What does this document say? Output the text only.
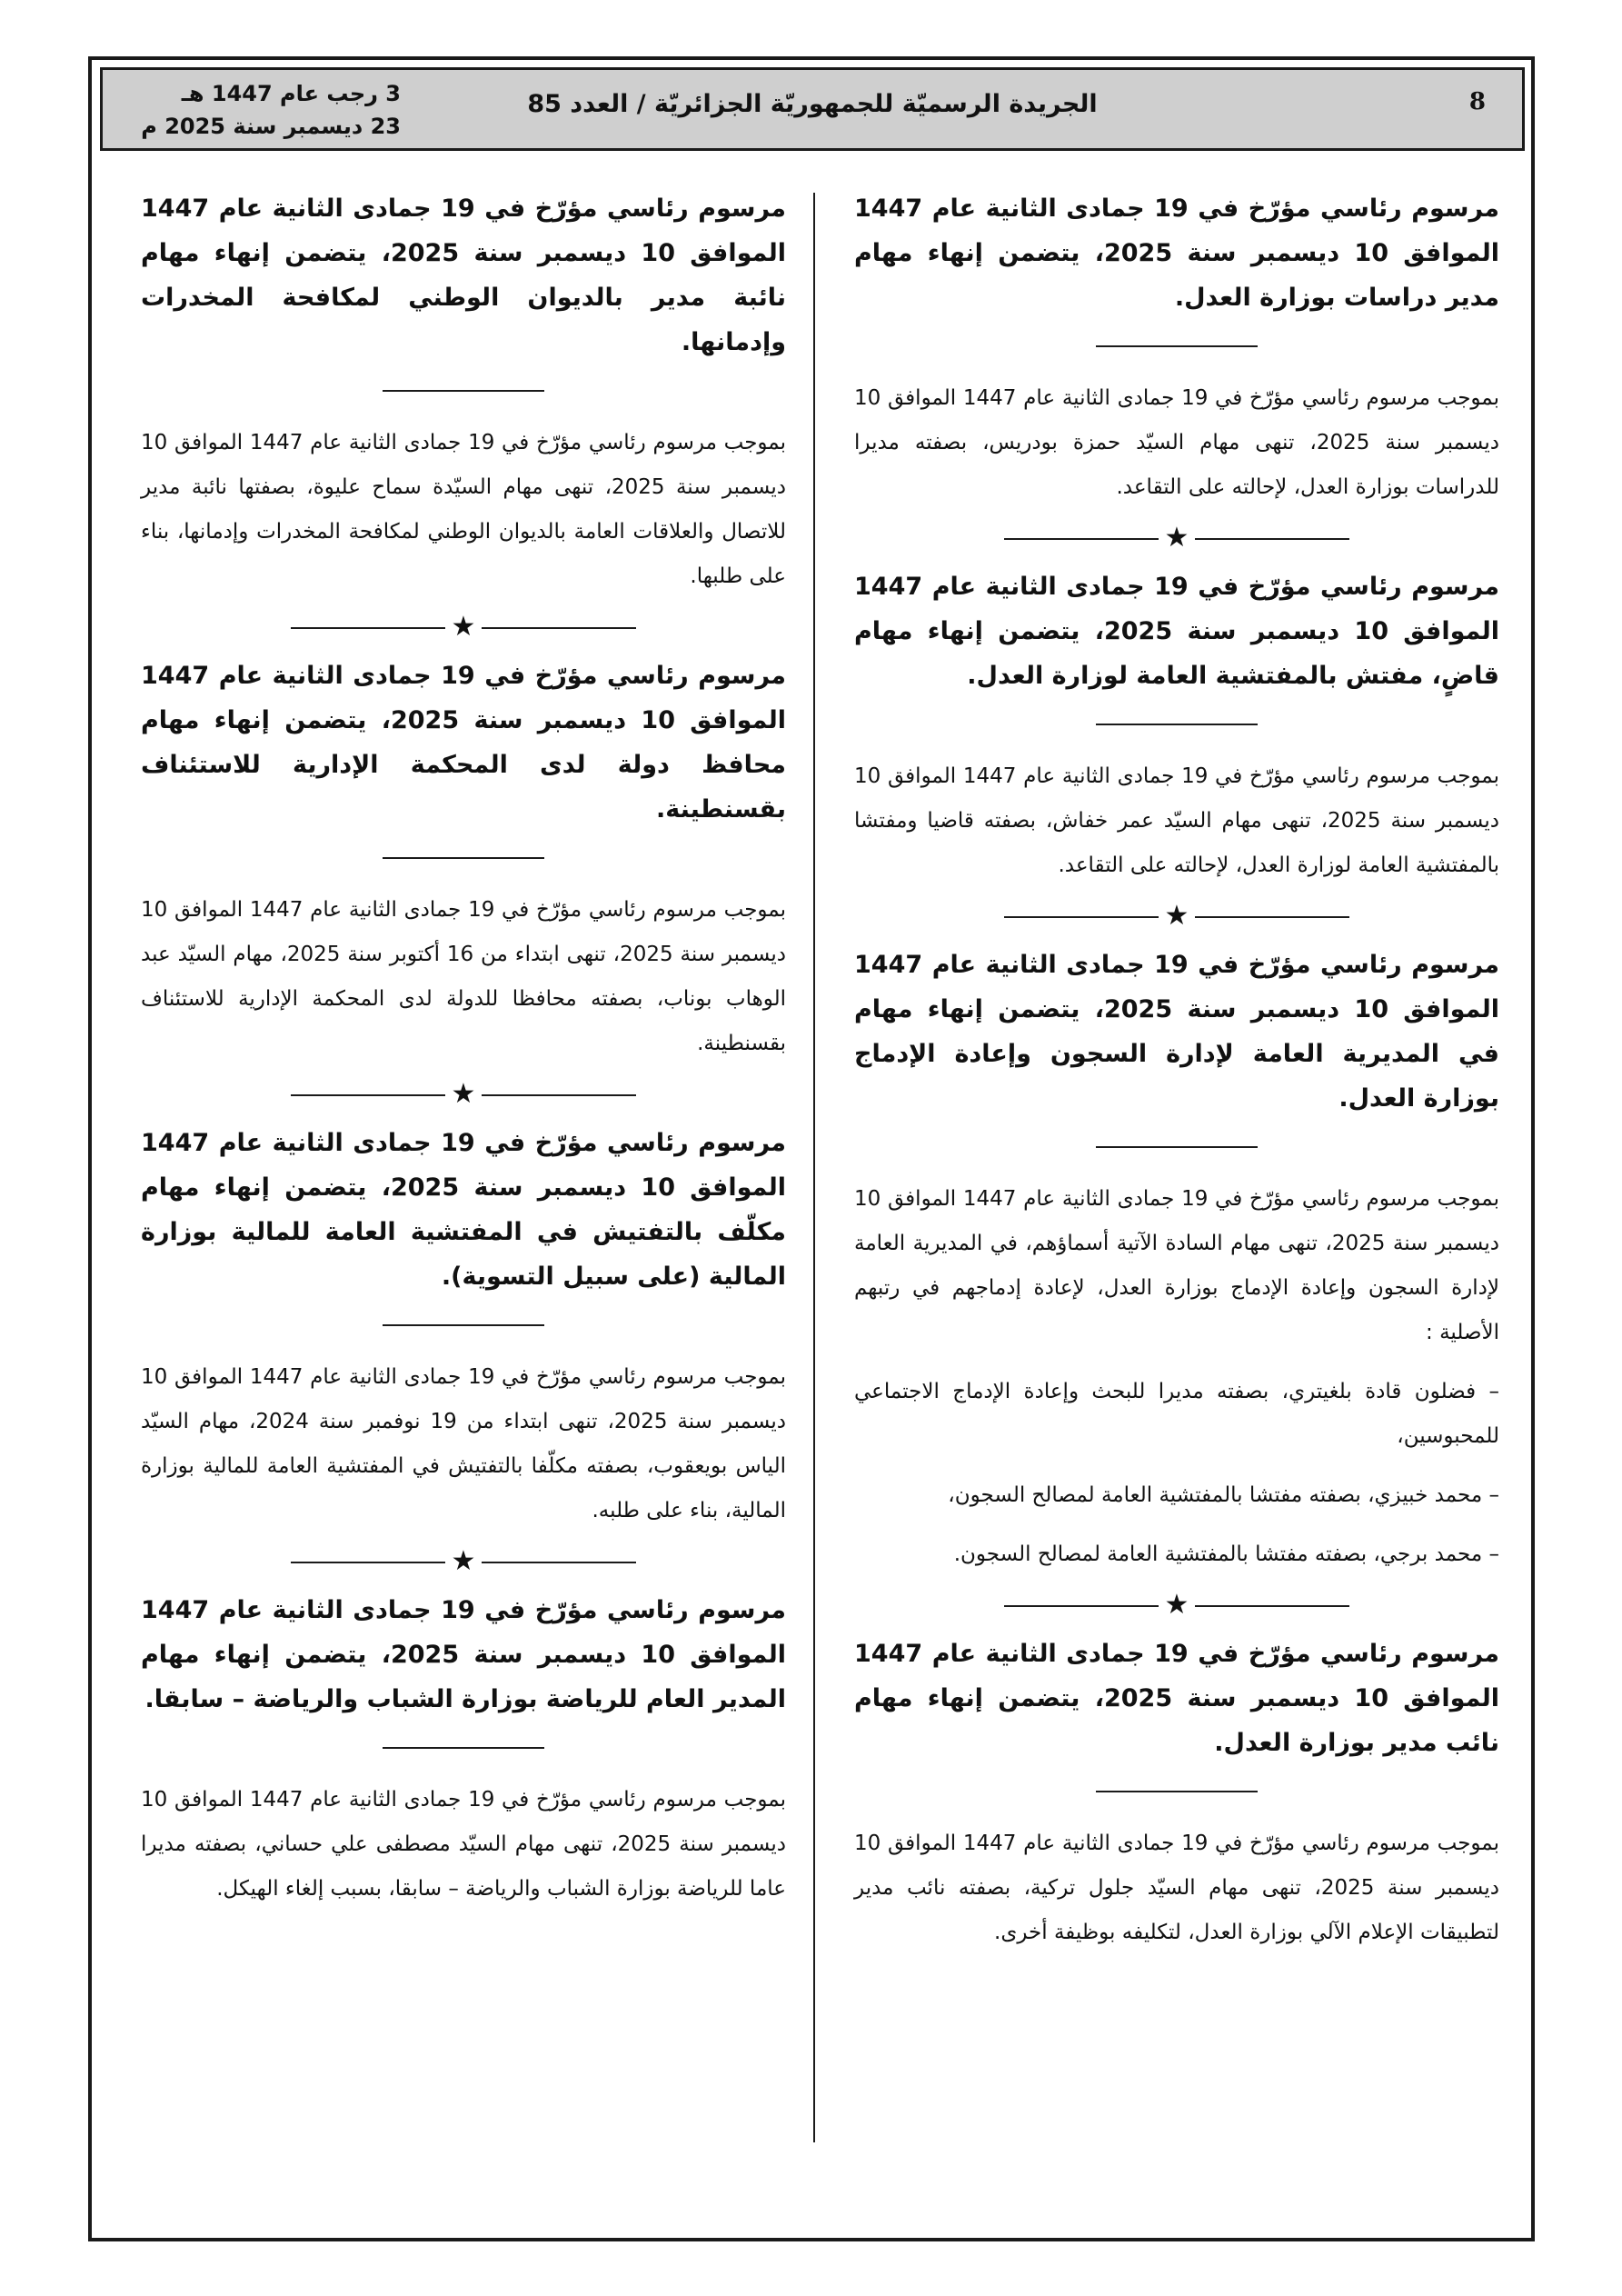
8
الجريدة الرسميّة للجمهوريّة الجزائريّة / العدد 85
3 رجب عام 1447 هـ
23 ديسمبر سنة 2025 م

مرسوم رئاسي مؤرّخ في 19 جمادى الثانية عام 1447 الموافق 10 ديسمبر سنة 2025، يتضمن إنهاء مهام مدير دراسات بوزارة العدل.

بموجب مرسوم رئاسي مؤرّخ في 19 جمادى الثانية عام 1447 الموافق 10 ديسمبر سنة 2025، تنهى مهام السيّد حمزة بودريس، بصفته مديرا للدراسات بوزارة العدل، لإحالته على التقاعد.

★

مرسوم رئاسي مؤرّخ في 19 جمادى الثانية عام 1447 الموافق 10 ديسمبر سنة 2025، يتضمن إنهاء مهام قاضٍ، مفتش بالمفتشية العامة لوزارة العدل.

بموجب مرسوم رئاسي مؤرّخ في 19 جمادى الثانية عام 1447 الموافق 10 ديسمبر سنة 2025، تنهى مهام السيّد عمر خفاش، بصفته قاضيا ومفتشا بالمفتشية العامة لوزارة العدل، لإحالته على التقاعد.

★

مرسوم رئاسي مؤرّخ في 19 جمادى الثانية عام 1447 الموافق 10 ديسمبر سنة 2025، يتضمن إنهاء مهام في المديرية العامة لإدارة السجون وإعادة الإدماج بوزارة العدل.

بموجب مرسوم رئاسي مؤرّخ في 19 جمادى الثانية عام 1447 الموافق 10 ديسمبر سنة 2025، تنهى مهام السادة الآتية أسماؤهم، في المديرية العامة لإدارة السجون وإعادة الإدماج بوزارة العدل، لإعادة إدماجهم في رتبهم الأصلية :

– فضلون قادة بلغيتري، بصفته مديرا للبحث وإعادة الإدماج الاجتماعي للمحبوسين،

– محمد خبيزي، بصفته مفتشا بالمفتشية العامة لمصالح السجون،

– محمد برجي، بصفته مفتشا بالمفتشية العامة لمصالح السجون.

★

مرسوم رئاسي مؤرّخ في 19 جمادى الثانية عام 1447 الموافق 10 ديسمبر سنة 2025، يتضمن إنهاء مهام نائب مدير بوزارة العدل.

بموجب مرسوم رئاسي مؤرّخ في 19 جمادى الثانية عام 1447 الموافق 10 ديسمبر سنة 2025، تنهى مهام السيّد جلول تركية، بصفته نائب مدير لتطبيقات الإعلام الآلي بوزارة العدل، لتكليفه بوظيفة أخرى.

مرسوم رئاسي مؤرّخ في 19 جمادى الثانية عام 1447 الموافق 10 ديسمبر سنة 2025، يتضمن إنهاء مهام نائبة مدير بالديوان الوطني لمكافحة المخدرات وإدمانها.

بموجب مرسوم رئاسي مؤرّخ في 19 جمادى الثانية عام 1447 الموافق 10 ديسمبر سنة 2025، تنهى مهام السيّدة سماح عليوة، بصفتها نائبة مدير للاتصال والعلاقات العامة بالديوان الوطني لمكافحة المخدرات وإدمانها، بناء على طلبها.

★

مرسوم رئاسي مؤرّخ في 19 جمادى الثانية عام 1447 الموافق 10 ديسمبر سنة 2025، يتضمن إنهاء مهام محافظ دولة لدى المحكمة الإدارية للاستئناف بقسنطينة.

بموجب مرسوم رئاسي مؤرّخ في 19 جمادى الثانية عام 1447 الموافق 10 ديسمبر سنة 2025، تنهى ابتداء من 16 أكتوبر سنة 2025، مهام السيّد عبد الوهاب بوناب، بصفته محافظا للدولة لدى المحكمة الإدارية للاستئناف بقسنطينة.

★

مرسوم رئاسي مؤرّخ في 19 جمادى الثانية عام 1447 الموافق 10 ديسمبر سنة 2025، يتضمن إنهاء مهام مكلّف بالتفتيش في المفتشية العامة للمالية بوزارة المالية (على سبيل التسوية).

بموجب مرسوم رئاسي مؤرّخ في 19 جمادى الثانية عام 1447 الموافق 10 ديسمبر سنة 2025، تنهى ابتداء من 19 نوفمبر سنة 2024، مهام السيّد الياس بويعقوب، بصفته مكلّفا بالتفتيش في المفتشية العامة للمالية بوزارة المالية، بناء على طلبه.

★

مرسوم رئاسي مؤرّخ في 19 جمادى الثانية عام 1447 الموافق 10 ديسمبر سنة 2025، يتضمن إنهاء مهام المدير العام للرياضة بوزارة الشباب والرياضة – سابقا.

بموجب مرسوم رئاسي مؤرّخ في 19 جمادى الثانية عام 1447 الموافق 10 ديسمبر سنة 2025، تنهى مهام السيّد مصطفى علي حساني، بصفته مديرا عاما للرياضة بوزارة الشباب والرياضة – سابقا، بسبب إلغاء الهيكل.
